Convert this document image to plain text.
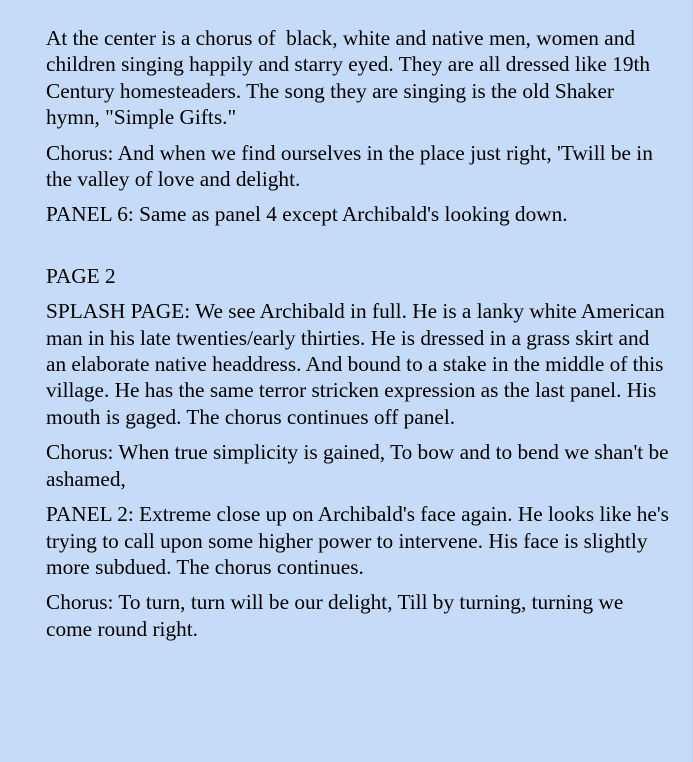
At the center is a chorus of  black, white and native men, women and children singing happily and starry eyed. They are all dressed like 19th Century homesteaders. The song they are singing is the old Shaker hymn, "Simple Gifts."

Chorus: And when we find ourselves in the place just right, 'Twill be in the valley of love and delight.

PANEL 6: Same as panel 4 except Archibald's looking down.

PAGE 2

SPLASH PAGE: We see Archibald in full. He is a lanky white American man in his late twenties/early thirties. He is dressed in a grass skirt and an elaborate native headdress. And bound to a stake in the middle of this village. He has the same terror stricken expression as the last panel. His mouth is gaged. The chorus continues off panel.

Chorus: When true simplicity is gained, To bow and to bend we shan't be ashamed,

PANEL 2: Extreme close up on Archibald's face again. He looks like he's trying to call upon some higher power to intervene. His face is slightly more subdued. The chorus continues.

Chorus: To turn, turn will be our delight, Till by turning, turning we come round right.
